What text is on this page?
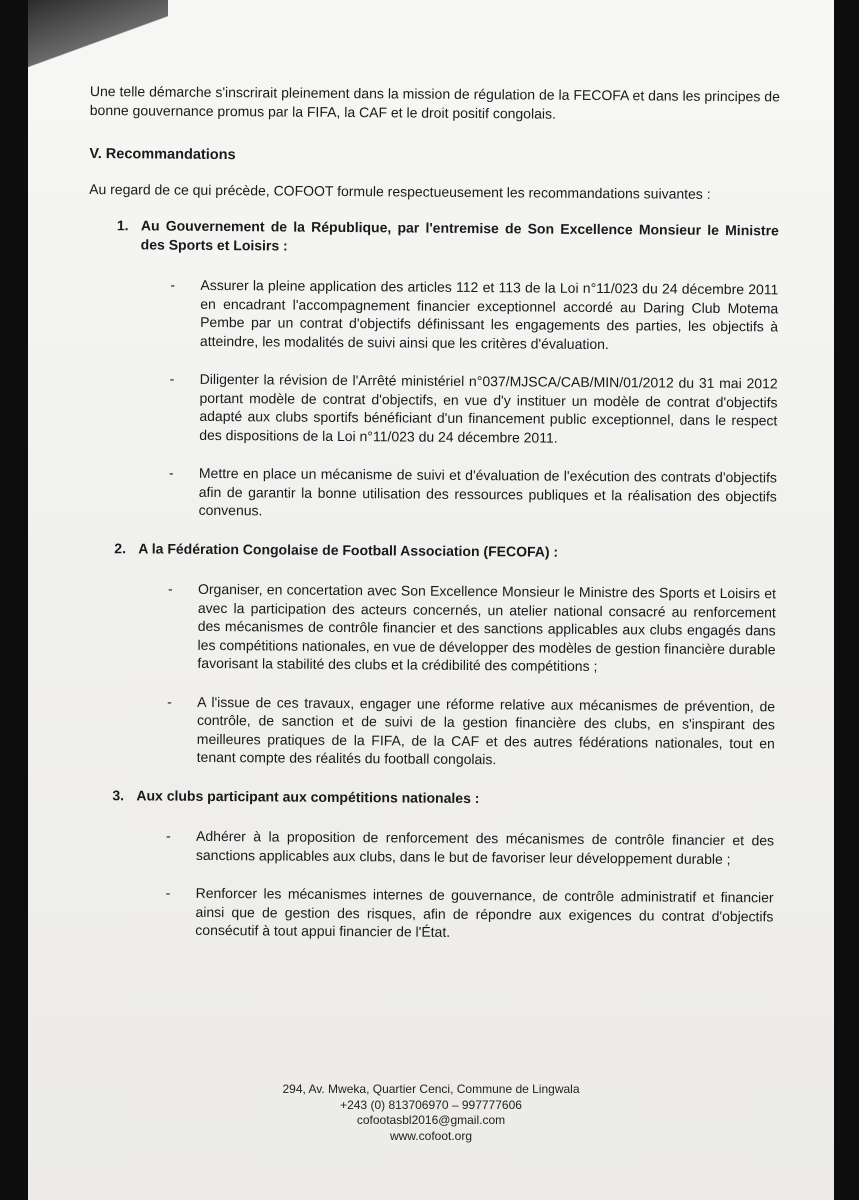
Une telle démarche s'inscrirait pleinement dans la mission de régulation de la FECOFA et dans les principes de bonne gouvernance promus par la FIFA, la CAF et le droit positif congolais.

V. Recommandations

Au regard de ce qui précède, COFOOT formule respectueusement les recommandations suivantes :

1. Au Gouvernement de la République, par l'entremise de Son Excellence Monsieur le Ministre des Sports et Loisirs :
-	Assurer la pleine application des articles 112 et 113 de la Loi n°11/023 du 24 décembre 2011 en encadrant l'accompagnement financier exceptionnel accordé au Daring Club Motema Pembe par un contrat d'objectifs définissant les engagements des parties, les objectifs à atteindre, les modalités de suivi ainsi que les critères d'évaluation.
-	Diligenter la révision de l'Arrêté ministériel n°037/MJSCA/CAB/MIN/01/2012 du 31 mai 2012 portant modèle de contrat d'objectifs, en vue d'y instituer un modèle de contrat d'objectifs adapté aux clubs sportifs bénéficiant d'un financement public exceptionnel, dans le respect des dispositions de la Loi n°11/023 du 24 décembre 2011.
-	Mettre en place un mécanisme de suivi et d'évaluation de l'exécution des contrats d'objectifs afin de garantir la bonne utilisation des ressources publiques et la réalisation des objectifs convenus.
2. A la Fédération Congolaise de Football Association (FECOFA) :
-	Organiser, en concertation avec Son Excellence Monsieur le Ministre des Sports et Loisirs et avec la participation des acteurs concernés, un atelier national consacré au renforcement des mécanismes de contrôle financier et des sanctions applicables aux clubs engagés dans les compétitions nationales, en vue de développer des modèles de gestion financière durable favorisant la stabilité des clubs et la crédibilité des compétitions ;
-	A l'issue de ces travaux, engager une réforme relative aux mécanismes de prévention, de contrôle, de sanction et de suivi de la gestion financière des clubs, en s'inspirant des meilleures pratiques de la FIFA, de la CAF et des autres fédérations nationales, tout en tenant compte des réalités du football congolais.
3. Aux clubs participant aux compétitions nationales :
-	Adhérer à la proposition de renforcement des mécanismes de contrôle financier et des sanctions applicables aux clubs, dans le but de favoriser leur développement durable ;
-	Renforcer les mécanismes internes de gouvernance, de contrôle administratif et financier ainsi que de gestion des risques, afin de répondre aux exigences du contrat d'objectifs consécutif à tout appui financier de l'État.
294, Av. Mweka, Quartier Cenci, Commune de Lingwala
+243 (0) 813706970 – 997777606
cofootasbl2016@gmail.com
www.cofoot.org
